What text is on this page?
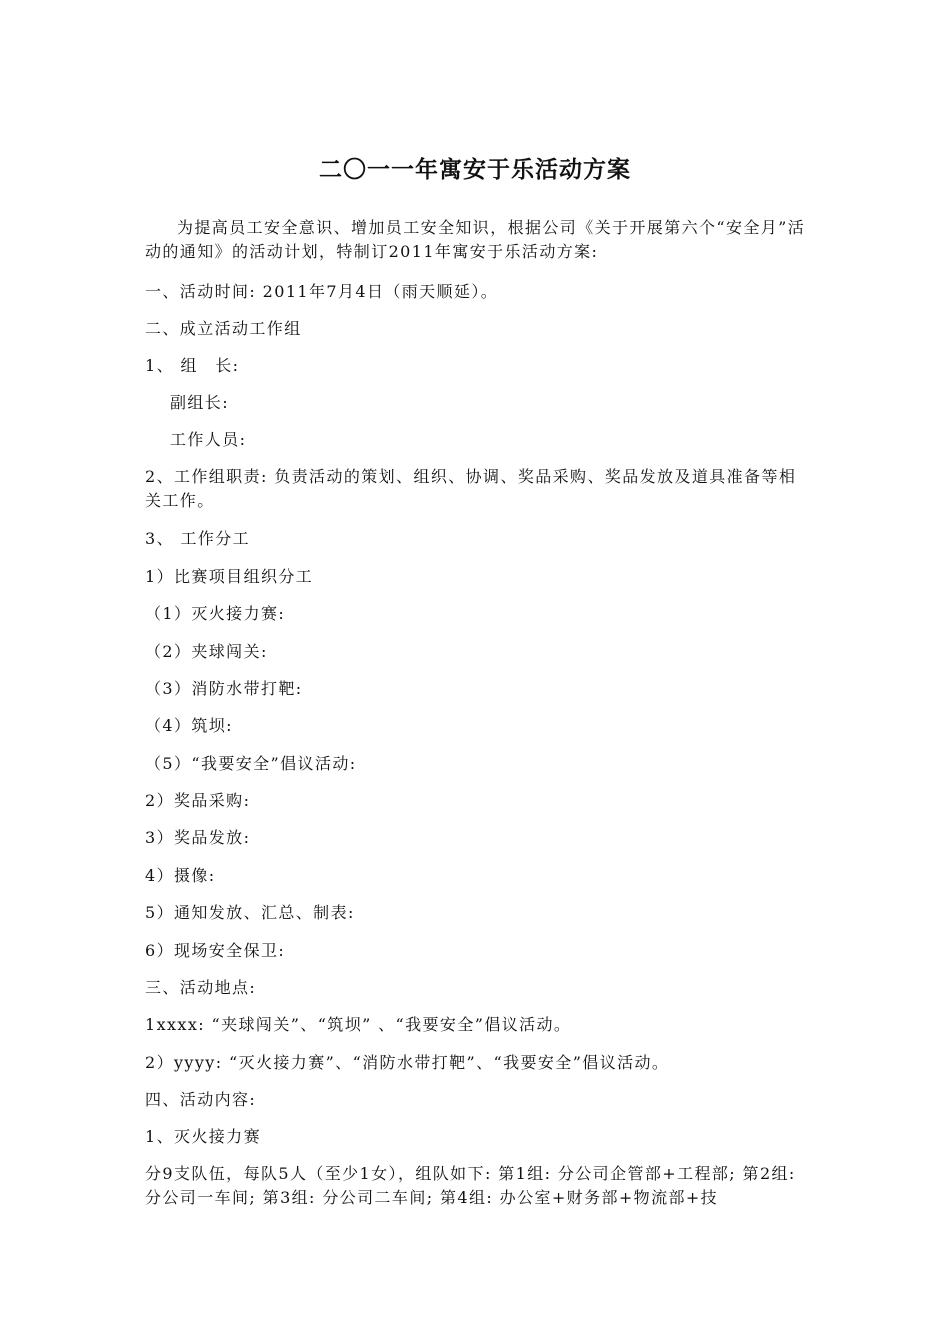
二〇一一年寓安于乐活动方案

为提高员工安全意识、增加员工安全知识，根据公司《关于开展第六个“安全月”活动的通知》的活动计划，特制订2011年寓安于乐活动方案:

一、活动时间: 2011年7月4日（雨天顺延）。

二、成立活动工作组

1、 组　长:

副组长:

工作人员:

2、工作组职责: 负责活动的策划、组织、协调、奖品采购、奖品发放及道具准备等相关工作。

3、 工作分工

1）比赛项目组织分工

（1）灭火接力赛:

（2）夹球闯关:

（3）消防水带打靶:

（4）筑坝:

（5）“我要安全”倡议活动:

2）奖品采购:

3）奖品发放:

4）摄像:

5）通知发放、汇总、制表:

6）现场安全保卫:

三、活动地点:

1xxxx: “夹球闯关”、“筑坝” 、“我要安全”倡议活动。

2）yyyy: “灭火接力赛”、“消防水带打靶”、“我要安全”倡议活动。

四、活动内容:

1、灭火接力赛

分9支队伍，每队5人（至少1女），组队如下: 第1组: 分公司企管部+工程部; 第2组: 分公司一车间; 第3组: 分公司二车间; 第4组: 办公室+财务部+物流部+技
